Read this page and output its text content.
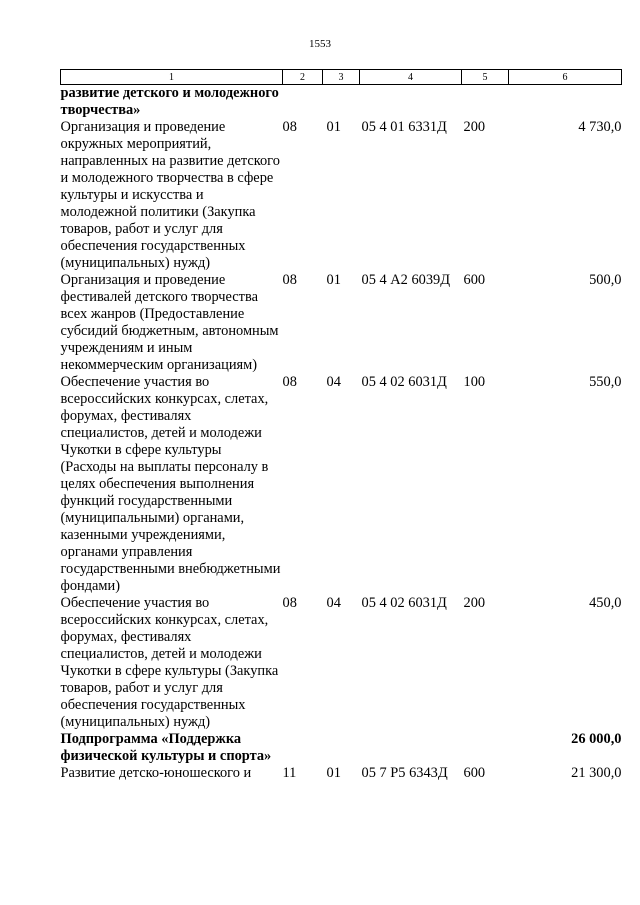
1553
1	2	3	4	5	6
развитие детского и молодежного творчества»					
Организация и проведение окружных мероприятий, направленных на развитие детского и молодежного творчества в сфере культуры и искусства и молодежной политики (Закупка товаров, работ и услуг для обеспечения государственных (муниципальных) нужд)	08	01	05 4 01 6331Д	200	4 730,0
Организация и проведение фестивалей детского творчества всех жанров (Предоставление субсидий бюджетным, автономным учреждениям и иным некоммерческим организациям)	08	01	05 4 А2 6039Д	600	500,0
Обеспечение участия во всероссийских конкурсах, слетах, форумах, фестивалях специалистов, детей и молодежи Чукотки в сфере культуры (Расходы на выплаты персоналу в целях обеспечения выполнения функций государственными (муниципальными) органами, казенными учреждениями, органами управления государственными внебюджетными фондами)	08	04	05 4 02 6031Д	100	550,0
Обеспечение участия во всероссийских конкурсах, слетах, форумах, фестивалях специалистов, детей и молодежи Чукотки в сфере культуры (Закупка товаров, работ и услуг для обеспечения государственных (муниципальных) нужд)	08	04	05 4 02 6031Д	200	450,0
Подпрограмма «Поддержка физической культуры и спорта»					26 000,0
Развитие детско-юношеского и	11	01	05 7 Р5 6343Д	600	21 300,0
